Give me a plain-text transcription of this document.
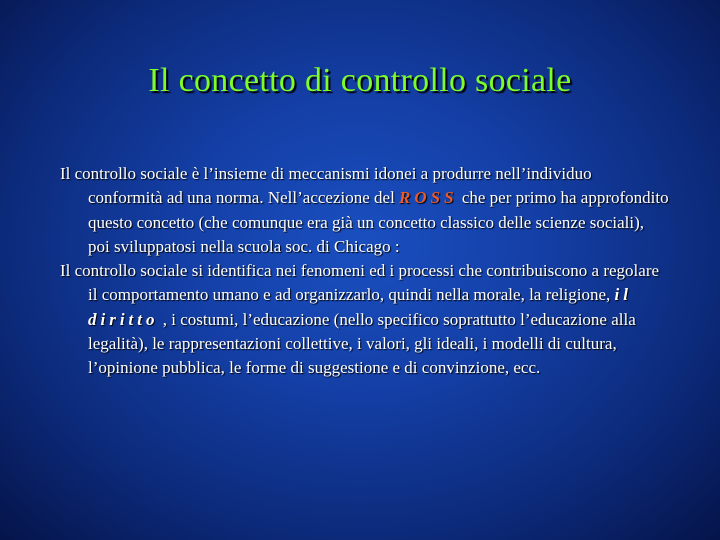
Il concetto di controllo sociale

Il controllo sociale è l’insieme di meccanismi idonei a produrre nell’individuo conformità ad una norma. Nell’accezione del ROSS che per primo ha approfondito questo concetto (che comunque era già un concetto classico delle scienze sociali), poi sviluppatosi nella scuola soc. di Chicago :

Il controllo sociale si identifica nei fenomeni ed i processi che contribuiscono a regolare il comportamento umano e ad organizzarlo, quindi nella morale, la religione, il diritto , i costumi, l’educazione (nello specifico soprattutto l’educazione alla legalità), le rappresentazioni collettive, i valori, gli ideali, i modelli di cultura, l’opinione pubblica, le forme di suggestione e di convinzione, ecc.
